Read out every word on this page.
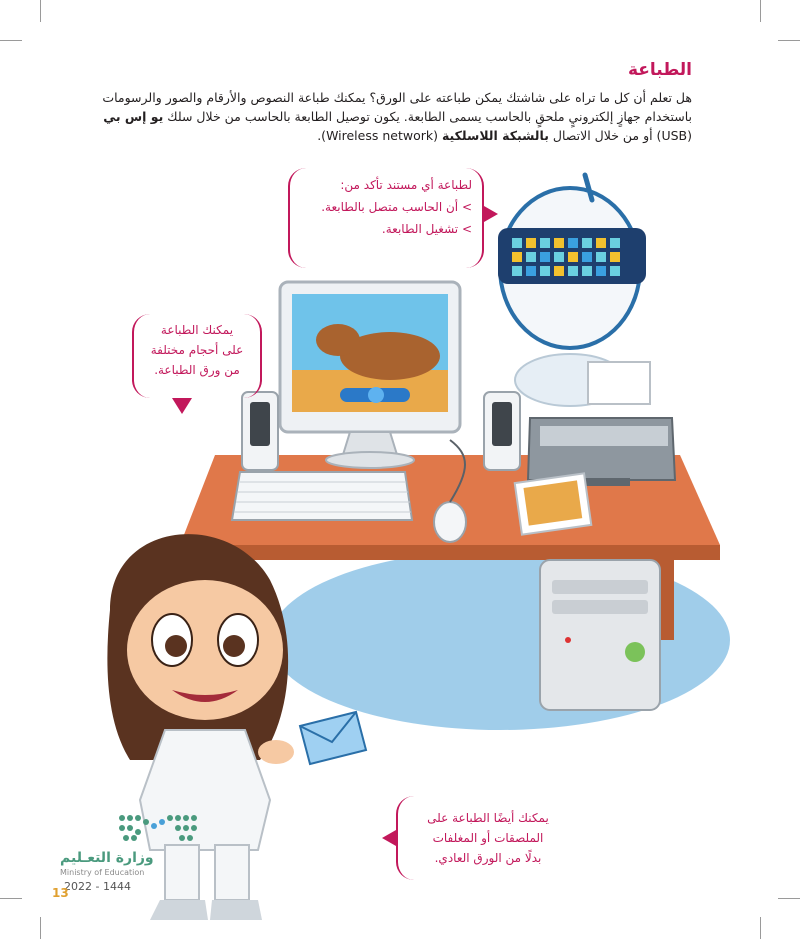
الطباعة
هل تعلم أن كل ما تراه على شاشتك يمكن طباعته على الورق؟ يمكنك طباعة النصوص والأرقام والصور والرسومات
باستخدام جهازٍ إلكترونيٍ ملحقٍ بالحاسب يسمى الطابعة. يكون توصيل الطابعة بالحاسب من خلال سلك يو إس بي
(USB) أو من خلال الاتصال بالشبكة اللاسلكية (Wireless network).
لطباعة أي مستند تأكد من:
> أن الحاسب متصل بالطابعة.
> تشغيل الطابعة.
يمكنك الطباعة
على أحجام مختلفة
من ورق الطباعة.
يمكنك أيضًا الطباعة على
الملصقات أو المغلفات
بدلًا من الورق العادي.
وزارة التعـليم
Ministry of Education
2022 - 1444
13
